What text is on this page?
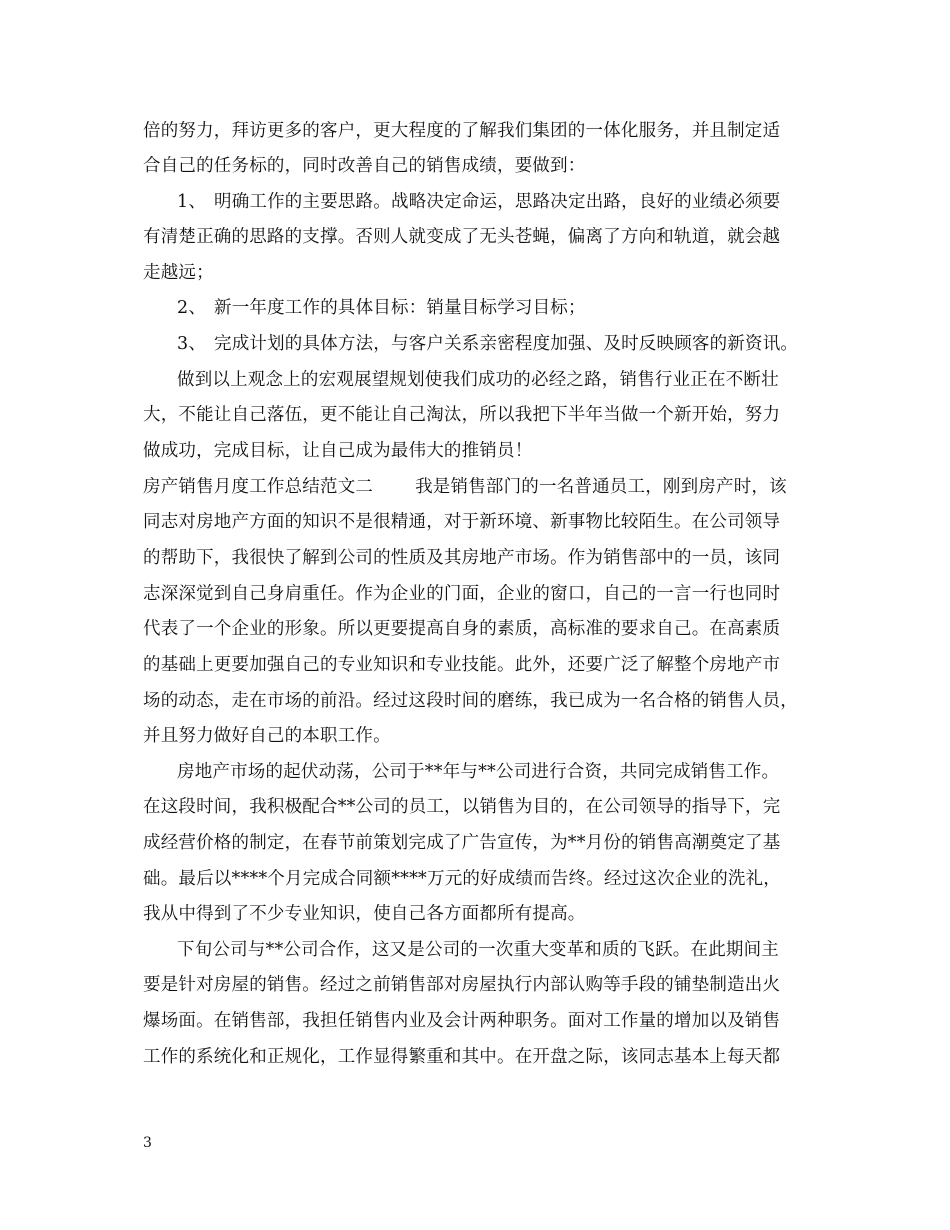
倍的努力，拜访更多的客户，更大程度的了解我们集团的一体化服务，并且制定适
合自己的任务标的，同时改善自己的销售成绩，要做到：
1、 明确工作的主要思路。战略决定命运，思路决定出路，良好的业绩必须要
有清楚正确的思路的支撑。否则人就变成了无头苍蝇，偏离了方向和轨道，就会越
走越远；
2、 新一年度工作的具体目标：销量目标学习目标；
3、 完成计划的具体方法，与客户关系亲密程度加强、及时反映顾客的新资讯。
做到以上观念上的宏观展望规划使我们成功的必经之路，销售行业正在不断壮
大，不能让自己落伍，更不能让自己淘汰，所以我把下半年当做一个新开始，努力
做成功，完成目标，让自己成为最伟大的推销员！
房产销售月度工作总结范文二 我是销售部门的一名普通员工，刚到房产时，该
同志对房地产方面的知识不是很精通，对于新环境、新事物比较陌生。在公司领导
的帮助下，我很快了解到公司的性质及其房地产市场。作为销售部中的一员，该同
志深深觉到自己身肩重任。作为企业的门面，企业的窗口，自己的一言一行也同时
代表了一个企业的形象。所以更要提高自身的素质，高标准的要求自己。在高素质
的基础上更要加强自己的专业知识和专业技能。此外，还要广泛了解整个房地产市
场的动态，走在市场的前沿。经过这段时间的磨练，我已成为一名合格的销售人员，
并且努力做好自己的本职工作。
房地产市场的起伏动荡，公司于**年与**公司进行合资，共同完成销售工作。
在这段时间，我积极配合**公司的员工，以销售为目的，在公司领导的指导下，完
成经营价格的制定，在春节前策划完成了广告宣传，为**月份的销售高潮奠定了基
础。最后以****个月完成合同额****万元的好成绩而告终。经过这次企业的洗礼，
我从中得到了不少专业知识，使自己各方面都所有提高。
下旬公司与**公司合作，这又是公司的一次重大变革和质的飞跃。在此期间主
要是针对房屋的销售。经过之前销售部对房屋执行内部认购等手段的铺垫制造出火
爆场面。在销售部，我担任销售内业及会计两种职务。面对工作量的增加以及销售
工作的系统化和正规化，工作显得繁重和其中。在开盘之际，该同志基本上每天都
3
